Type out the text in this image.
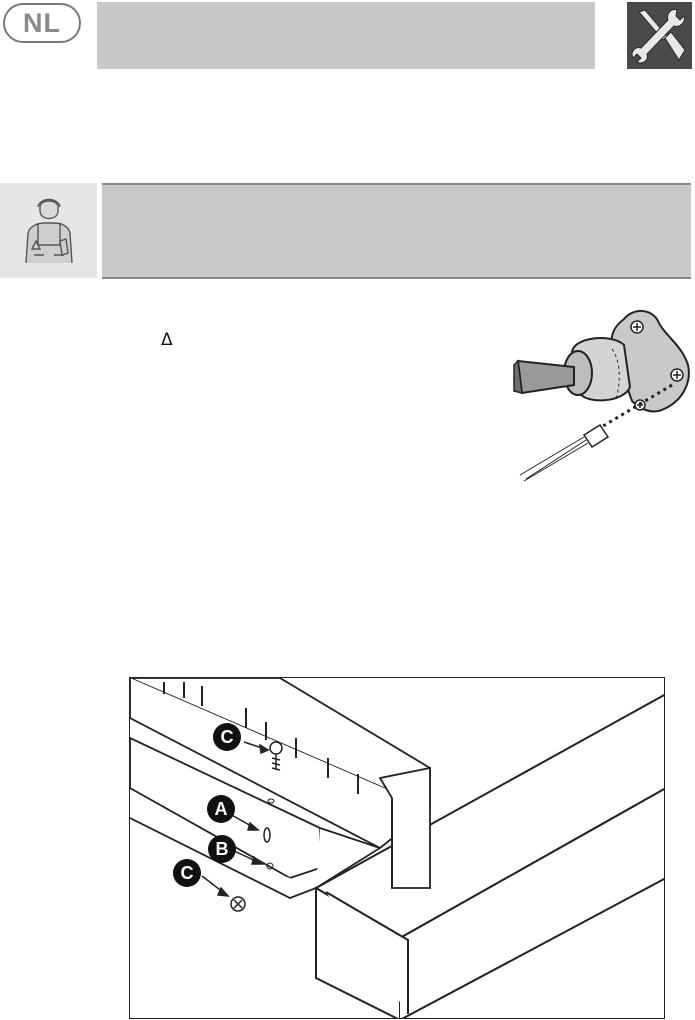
NL
Δ
C
A
B
C
